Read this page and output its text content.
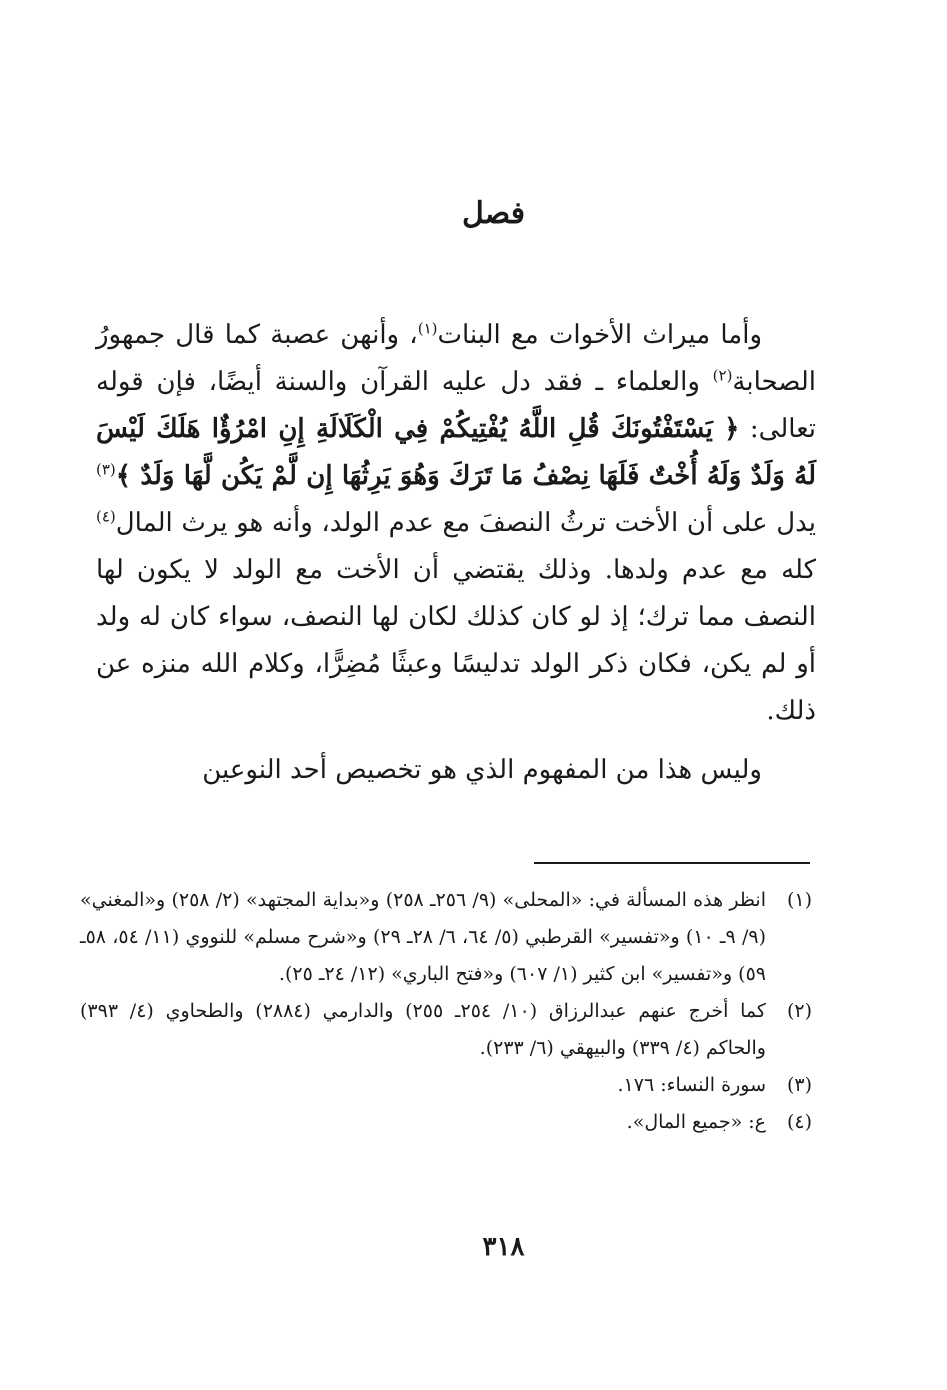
فصل

وأما ميراث الأخوات مع البنات$^{(١)}$، وأنهن عصبة كما قال جمهورُ الصحابة$^{(٢)}$ والعلماء ـ فقد دل عليه القرآن والسنة أيضًا، فإن قوله تعالى: ﴿ يَسْتَفْتُونَكَ قُلِ اللَّهُ يُفْتِيكُمْ فِي الْكَلَالَةِ إِنِ امْرُؤٌا هَلَكَ لَيْسَ لَهُ وَلَدٌ وَلَهُ أُخْتٌ فَلَهَا نِصْفُ مَا تَرَكَ وَهُوَ يَرِثُهَا إِن لَّمْ يَكُن لَّهَا وَلَدٌ ﴾$^{(٣)}$ يدل على أن الأخت ترثُ النصفَ مع عدم الولد، وأنه هو يرث المال$^{(٤)}$ كله مع عدم ولدها. وذلك يقتضي أن الأخت مع الولد لا يكون لها النصف مما ترك؛ إذ لو كان كذلك لكان لها النصف، سواء كان له ولد أو لم يكن، فكان ذكر الولد تدليسًا وعبثًا مُضِرًّا، وكلام الله منزه عن ذلك.

وليس هذا من المفهوم الذي هو تخصيص أحد النوعين

(١)
انظر هذه المسألة في: «المحلى» (٩/ ٢٥٦ـ ٢٥٨) و«بداية المجتهد» (٢/ ٢٥٨) و«المغني» (٩/ ٩ـ ١٠) و«تفسير» القرطبي (٥/ ٦٤، ٦/ ٢٨ـ ٢٩) و«شرح مسلم» للنووي (١١/ ٥٤، ٥٨ـ ٥٩) و«تفسير» ابن كثير (١/ ٦٠٧) و«فتح الباري» (١٢/ ٢٤ـ ٢٥).
(٢)
كما أخرج عنهم عبدالرزاق (١٠/ ٢٥٤ـ ٢٥٥) والدارمي (٢٨٨٤) والطحاوي (٤/ ٣٩٣) والحاكم (٤/ ٣٣٩) والبيهقي (٦/ ٢٣٣).
(٣)
سورة النساء: ١٧٦.
(٤)
ع: «جميع المال».
٣١٨
